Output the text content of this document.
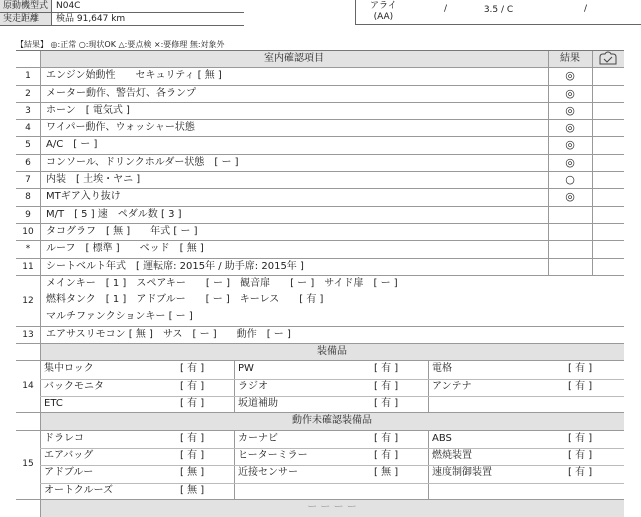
原動機型式 N04C
実走距離	検品 91,647 km
アライ
(AA)
/	3.5 / C	/
【結果】 ◎:正常 ○:現状OK △:要点検 ×:要修理 無:対象外
室内確認項目	結果
1	エンジン始動性　　セキュリティ [ 無 ]	◎
2	メーター動作、警告灯、各ランプ	◎
3	ホーン　[ 電気式 ]	◎
4	ワイパー動作、ウォッシャー状態	◎
5	A/C　[ ー ]	◎
6	コンソール、ドリンクホルダー状態　[ ー ]	◎
7	内装　[ 土埃・ヤニ ]	○
8	MTギア入り抜け	◎
9	M/T　[ 5 ] 速　ペダル数 [ 3 ]
10	タコグラフ　[ 無 ]　　年式 [ ー ]
*	ルーフ　[ 標準 ]　　ベッド　[ 無 ]
11	シートベルト年式　[ 運転席: 2015年 / 助手席: 2015年 ]
12
メインキー　[ 1 ]　スペアキー　　[ ー ]　観音扉　　[ ー ]　サイド扉　[ ー ]
燃料タンク　[ 1 ]　アドブルー　　[ ー ]　キーレス　　[ 有 ]
マルチファンクションキー [ ー ]
13	エアサスリモコン [ 無 ]　サス　[ ー ]　　動作　[ ー ]
装備品
14
集中ロック	[ 有 ]	PW	[ 有 ]	電格	[ 有 ]
バックモニタ	[ 有 ]	ラジオ	[ 有 ]	アンテナ	[ 有 ]
ETC	[ 有 ]	坂道補助	[ 有 ]
動作未確認装備品
15
ドラレコ	[ 有 ]	カーナビ	[ 有 ]	ABS	[ 有 ]
エアバッグ	[ 有 ]	ヒーターミラー	[ 有 ]	燃焼装置	[ 有 ]
アドブルー	[ 無 ]	近接センサー	[ 無 ]	速度制御装置	[ 有 ]
オートクルーズ	[ 無 ]
ー ー ー ー
